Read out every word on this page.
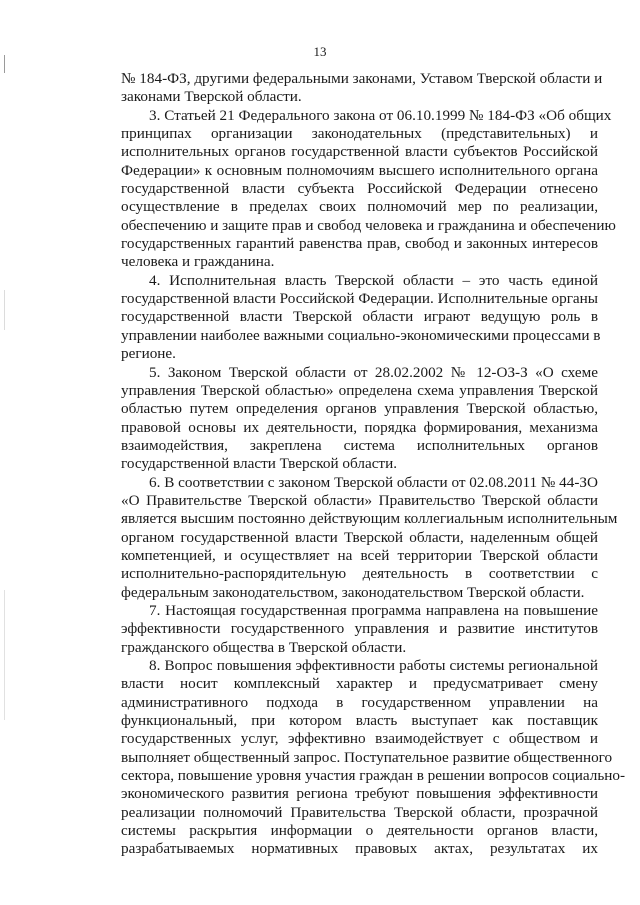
13
№ 184-ФЗ, другими федеральными законами, Уставом Тверской области и
законами Тверской области.
3. Статьей 21 Федерального закона от 06.10.1999 № 184-ФЗ «Об общих
принципах организации законодательных (представительных) и
исполнительных органов государственной власти субъектов Российской
Федерации» к основным полномочиям высшего исполнительного органа
государственной власти субъекта Российской Федерации отнесено
осуществление в пределах своих полномочий мер по реализации,
обеспечению и защите прав и свобод человека и гражданина и обеспечению
государственных гарантий равенства прав, свобод и законных интересов
человека и гражданина.
4. Исполнительная власть Тверской области – это часть единой
государственной власти Российской Федерации. Исполнительные органы
государственной власти Тверской области играют ведущую роль в
управлении наиболее важными социально-экономическими процессами в
регионе.
5. Законом Тверской области от 28.02.2002 № 12-ОЗ-З «О схеме
управления Тверской областью» определена схема управления Тверской
областью путем определения органов управления Тверской областью,
правовой основы их деятельности, порядка формирования, механизма
взаимодействия, закреплена система исполнительных органов
государственной власти Тверской области.
6. В соответствии с законом Тверской области от 02.08.2011 № 44-ЗО
«О Правительстве Тверской области» Правительство Тверской области
является высшим постоянно действующим коллегиальным исполнительным
органом государственной власти Тверской области, наделенным общей
компетенцией, и осуществляет на всей территории Тверской области
исполнительно-распорядительную деятельность в соответствии с
федеральным законодательством, законодательством Тверской области.
7. Настоящая государственная программа направлена на повышение
эффективности государственного управления и развитие институтов
гражданского общества в Тверской области.
8. Вопрос повышения эффективности работы системы региональной
власти носит комплексный характер и предусматривает смену
административного подхода в государственном управлении на
функциональный, при котором власть выступает как поставщик
государственных услуг, эффективно взаимодействует с обществом и
выполняет общественный запрос. Поступательное развитие общественного
сектора, повышение уровня участия граждан в решении вопросов социально-
экономического развития региона требуют повышения эффективности
реализации полномочий Правительства Тверской области, прозрачной
системы раскрытия информации о деятельности органов власти,
разрабатываемых нормативных правовых актах, результатах их
